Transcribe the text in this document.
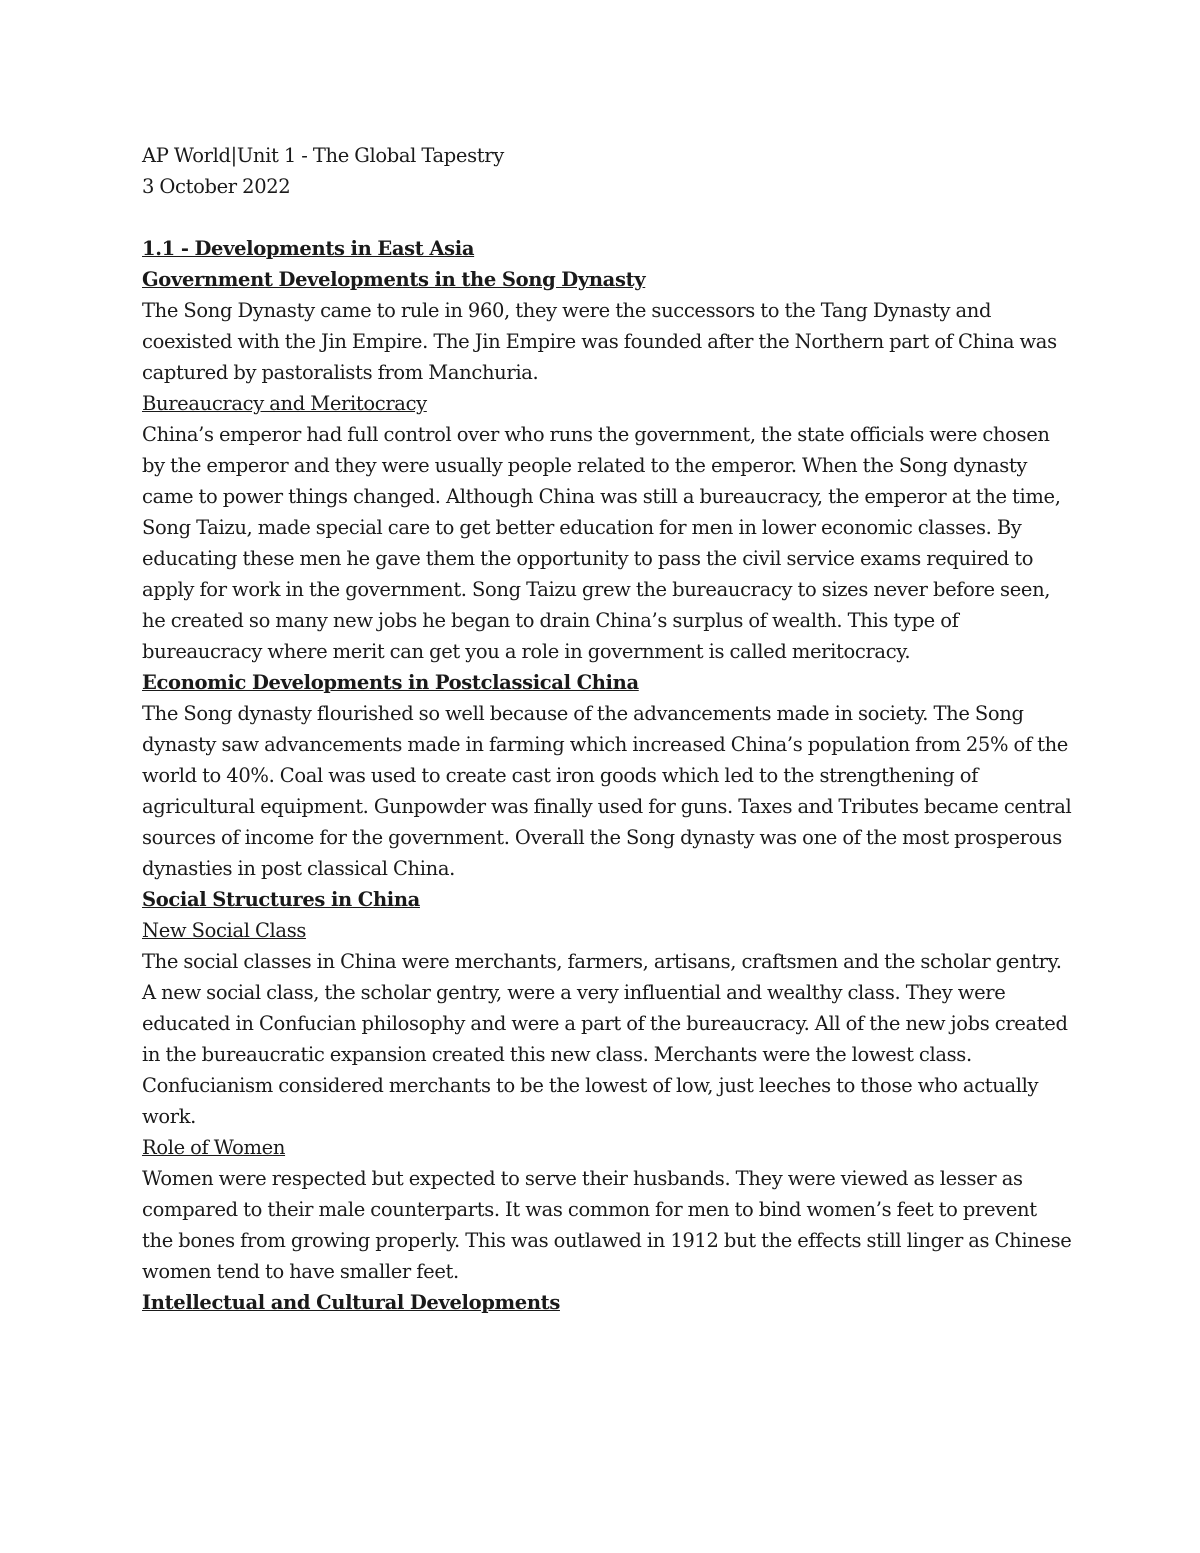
AP World|Unit 1 - The Global Tapestry

3 October 2022

1.1 - Developments in East Asia

Government Developments in the Song Dynasty

The Song Dynasty came to rule in 960, they were the successors to the Tang Dynasty and coexisted with the Jin Empire. The Jin Empire was founded after the Northern part of China was captured by pastoralists from Manchuria.

Bureaucracy and Meritocracy

China’s emperor had full control over who runs the government, the state officials were chosen by the emperor and they were usually people related to the emperor. When the Song dynasty came to power things changed. Although China was still a bureaucracy, the emperor at the time, Song Taizu, made special care to get better education for men in lower economic classes. By educating these men he gave them the opportunity to pass the civil service exams required to apply for work in the government. Song Taizu grew the bureaucracy to sizes never before seen, he created so many new jobs he began to drain China’s surplus of wealth. This type of bureaucracy where merit can get you a role in government is called meritocracy.

Economic Developments in Postclassical China

The Song dynasty flourished so well because of the advancements made in society. The Song dynasty saw advancements made in farming which increased China’s population from 25% of the world to 40%. Coal was used to create cast iron goods which led to the strengthening of agricultural equipment. Gunpowder was finally used for guns. Taxes and Tributes became central sources of income for the government. Overall the Song dynasty was one of the most prosperous dynasties in post classical China.

Social Structures in China

New Social Class

The social classes in China were merchants, farmers, artisans, craftsmen and the scholar gentry. A new social class, the scholar gentry, were a very influential and wealthy class. They were educated in Confucian philosophy and were a part of the bureaucracy. All of the new jobs created in the bureaucratic expansion created this new class. Merchants were the lowest class. Confucianism considered merchants to be the lowest of low, just leeches to those who actually work.

Role of Women

Women were respected but expected to serve their husbands. They were viewed as lesser as compared to their male counterparts. It was common for men to bind women’s feet to prevent the bones from growing properly. This was outlawed in 1912 but the effects still linger as Chinese women tend to have smaller feet.

Intellectual and Cultural Developments
